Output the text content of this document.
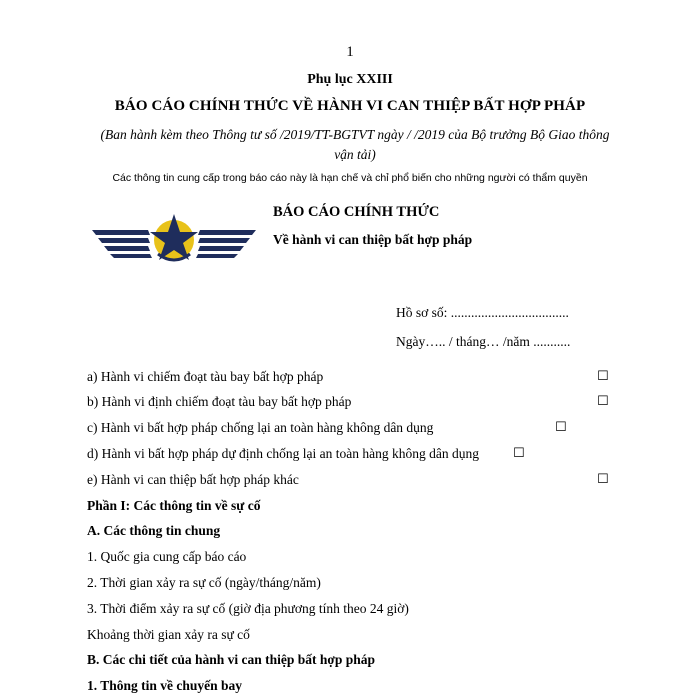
1
Phụ lục XXIII
BÁO CÁO CHÍNH THỨC VỀ HÀNH VI CAN THIỆP BẤT HỢP PHÁP
(Ban hành kèm theo Thông tư số /2019/TT-BGTVT ngày / /2019 của Bộ trưởng Bộ Giao thông vận tải)
Các thông tin cung cấp trong báo cáo này là hạn chế và chỉ phổ biến cho những người có thẩm quyền
BÁO CÁO CHÍNH THỨC
Về hành vi can thiệp bất hợp pháp
Hồ sơ số: ...................................
Ngày….. / tháng… /năm ...........
a) Hành vi chiếm đoạt tàu bay bất hợp pháp	☐
b) Hành vi định chiếm đoạt tàu bay bất hợp pháp	☐
c) Hành vi bất hợp pháp chống lại an toàn hàng không dân dụng	☐
d) Hành vi bất hợp pháp dự định chống lại an toàn hàng không dân dụng	☐
e) Hành vi can thiệp bất hợp pháp khác	☐
Phần I: Các thông tin về sự cố
A. Các thông tin chung
1. Quốc gia cung cấp báo cáo
2. Thời gian xảy ra sự cố (ngày/tháng/năm)
3. Thời điểm xảy ra sự cố (giờ địa phương tính theo 24 giờ)
Khoảng thời gian xảy ra sự cố
B. Các chi tiết của hành vi can thiệp bất hợp pháp
1. Thông tin về chuyến bay
